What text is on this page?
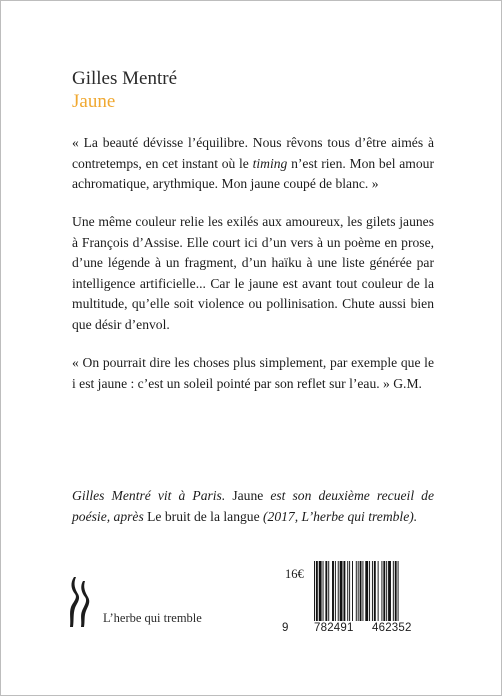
Gilles Mentré
Jaune

« La beauté dévisse l’équilibre. Nous rêvons tous d’être aimés à contretemps, en cet instant où le timing n’est rien. Mon bel amour achromatique, arythmique. Mon jaune coupé de blanc. »

Une même couleur relie les exilés aux amoureux, les gilets jaunes à François d’Assise. Elle court ici d’un vers à un poème en prose, d’une légende à un fragment, d’un haïku à une liste générée par intelligence artificielle... Car le jaune est avant tout couleur de la multitude, qu’elle soit violence ou pollinisation. Chute aussi bien que désir d’envol.

« On pourrait dire les choses plus simplement, par exemple que le i est jaune : c’est un soleil pointé par son reflet sur l’eau. » G.M.

Gilles Mentré vit à Paris. Jaune est son deuxième recueil de poésie, après Le bruit de la langue (2017, L’herbe qui tremble).

L’herbe qui tremble
9 782491 462352
16€
